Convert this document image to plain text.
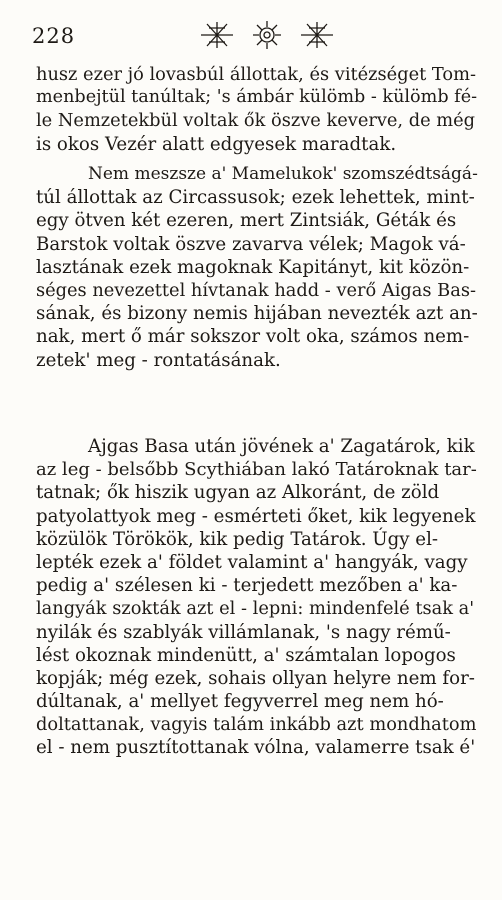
228
husz ezer jó lovasbúl állottak, és vitézséget Tom-
menbejtül tanúltak; 's ámbár külömb - külömb fé-
le Nemzetekbül voltak ők öszve keverve, de még
is okos Vezér alatt edgyesek maradtak.
Nem meszsze a' Mamelukok' szomszédtságá-
túl állottak az Circassusok; ezek lehettek, mint-
egy ötven két ezeren, mert Zintsiák, Géták és
Barstok voltak öszve zavarva vélek; Magok vá-
lasztának ezek magoknak Kapitányt, kit közön-
séges nevezettel hívtanak hadd - verő Aigas Bas-
sának, és bizony nemis hijában nevezték azt an-
nak, mert ő már sokszor volt oka, számos nem-
zetek' meg - rontatásának.
Ajgas Basa után jövének a' Zagatárok, kik
az leg - belsőbb Scythiában lakó Tatároknak tar-
tatnak; ők hiszik ugyan az Alkoránt, de zöld
patyolattyok meg - esmérteti őket, kik legyenek
közülök Törökök, kik pedig Tatárok. Úgy el-
lepték ezek a' földet valamint a' hangyák, vagy
pedig a' szélesen ki - terjedett mezőben a' ka-
langyák szokták azt el - lepni: mindenfelé tsak a'
nyilák és szablyák villámlanak, 's nagy rémű-
lést okoznak mindenütt, a' számtalan lopogos
kopják; még ezek, sohais ollyan helyre nem for-
dúltanak, a' mellyet fegyverrel meg nem hó-
doltattanak, vagyis talám inkább azt mondhatom
el - nem pusztítottanak vólna, valamerre tsak é'
